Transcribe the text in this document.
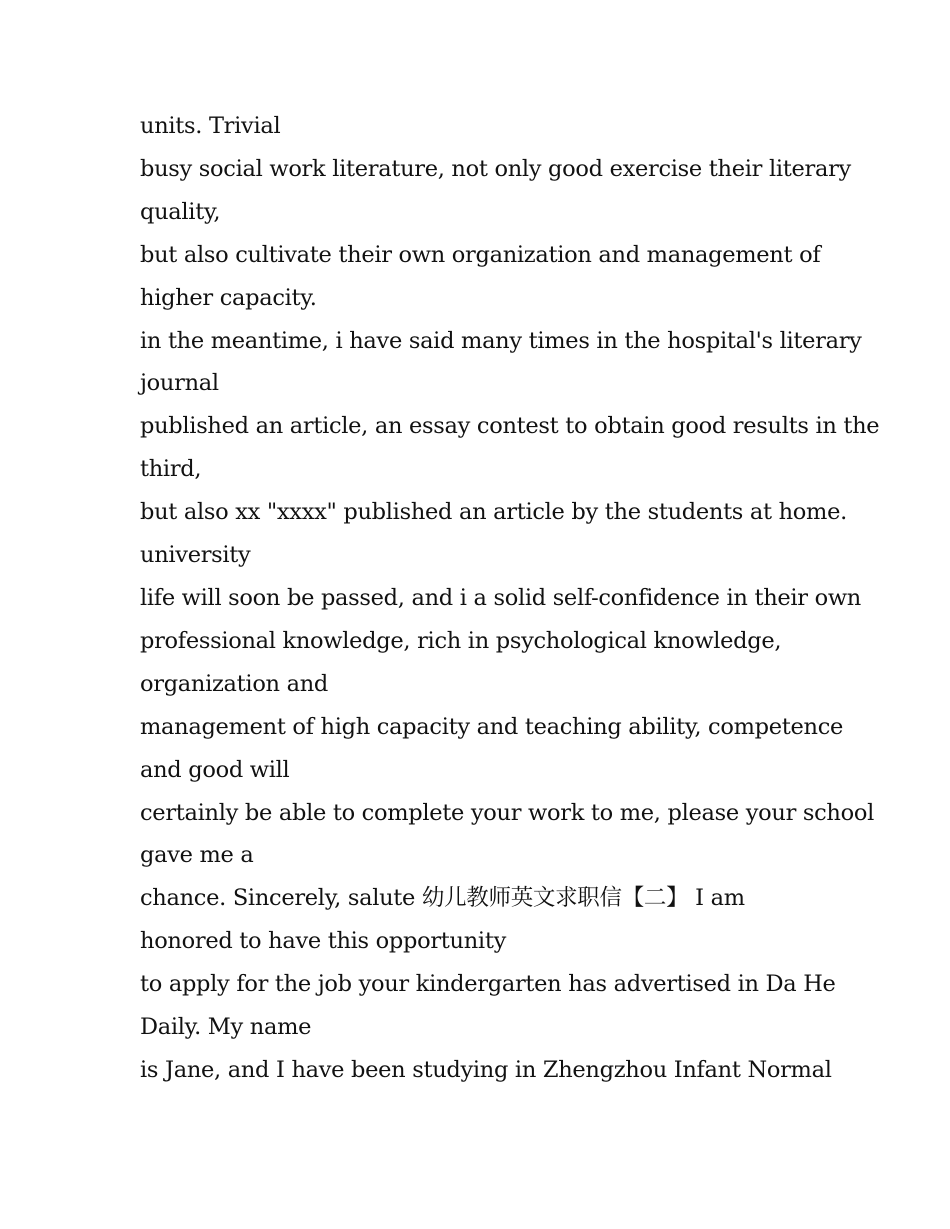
units. Trivial
busy social work literature, not only good exercise their literary
quality,
but also cultivate their own organization and management of
higher capacity.
in the meantime, i have said many times in the hospital's literary
journal
published an article, an essay contest to obtain good results in the
third,
but also xx "xxxx" published an article by the students at home.
university
life will soon be passed, and i a solid self-confidence in their own
professional knowledge, rich in psychological knowledge,
organization and
management of high capacity and teaching ability, competence
and good will
certainly be able to complete your work to me, please your school
gave me a
chance. Sincerely, salute 幼儿教师英文求职信【二】 I am
honored to have this opportunity
to apply for the job your kindergarten has advertised in Da He
Daily. My name
is Jane, and I have been studying in Zhengzhou Infant Normal
